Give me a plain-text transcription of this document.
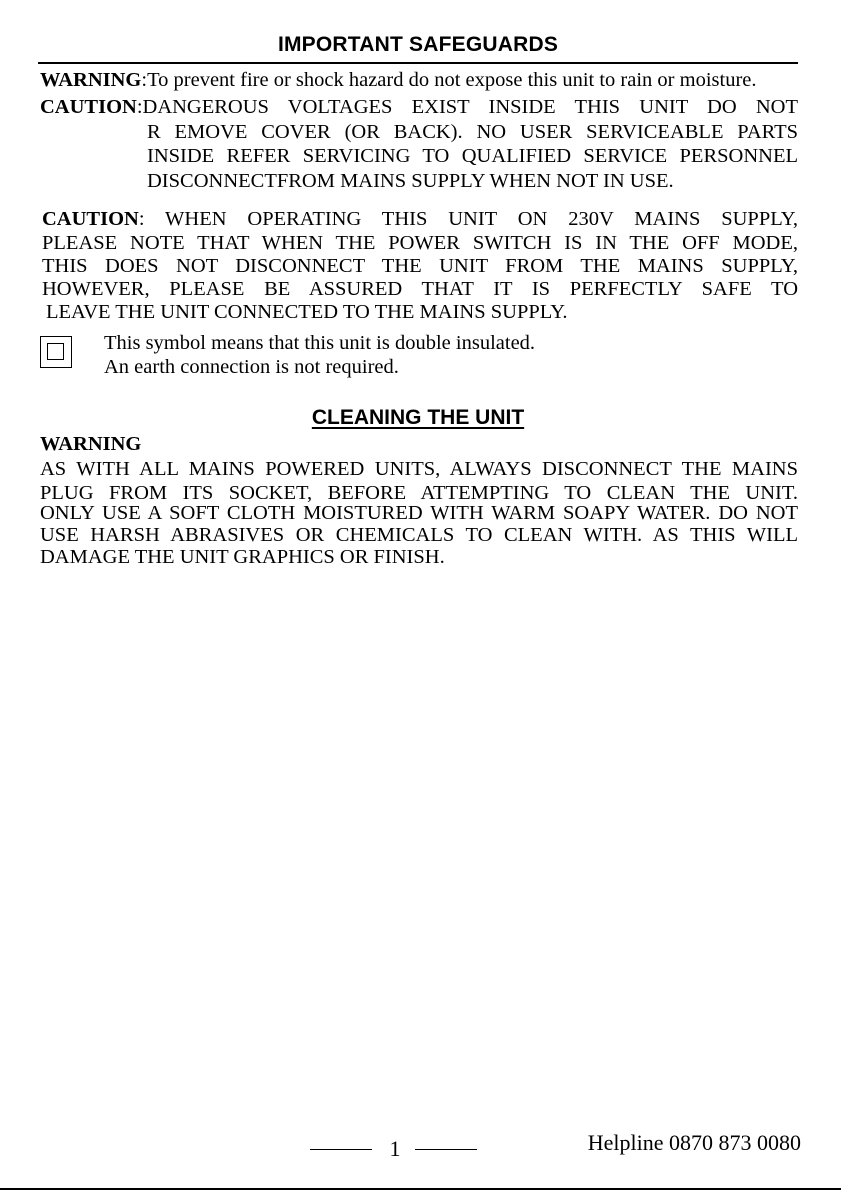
IMPORTANT SAFEGUARDS
WARNING:To prevent fire or shock hazard do not expose this unit to rain or moisture.
CAUTION:DANGEROUS VOLTAGES EXIST INSIDE THIS UNIT DO NOT
R EMOVE COVER (OR BACK). NO USER SERVICEABLE PARTS
INSIDE REFER SERVICING TO QUALIFIED SERVICE PERSONNEL
DISCONNECTFROM MAINS SUPPLY WHEN NOT IN USE.
CAUTION: WHEN OPERATING THIS UNIT ON 230V MAINS SUPPLY,
PLEASE NOTE THAT WHEN THE POWER SWITCH IS IN THE OFF MODE,
THIS DOES NOT DISCONNECT THE UNIT FROM THE MAINS SUPPLY,
HOWEVER, PLEASE BE ASSURED THAT IT IS PERFECTLY SAFE TO
LEAVE THE UNIT CONNECTED TO THE MAINS SUPPLY.
This symbol means that this unit is double insulated.
An earth connection is not required.
CLEANING THE UNIT
WARNING
AS WITH ALL MAINS POWERED UNITS, ALWAYS DISCONNECT THE MAINS
PLUG FROM ITS SOCKET, BEFORE ATTEMPTING TO CLEAN THE UNIT.
ONLY USE A SOFT CLOTH MOISTURED WITH WARM SOAPY WATER. DO NOT
USE HARSH ABRASIVES OR CHEMICALS TO CLEAN WITH. AS THIS WILL
DAMAGE THE UNIT GRAPHICS OR FINISH.
1	Helpline 0870 873 0080
